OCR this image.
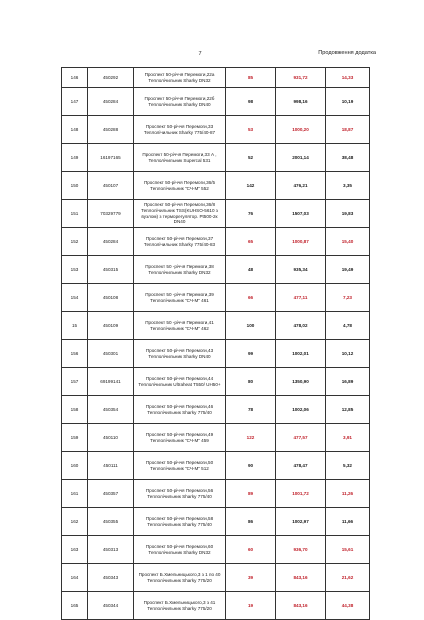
7	Продовження додатка
146	450292	Проспект 50-річчя Перемоги,22а Теплолічильник Sharky DN32	85	931,72	14,33
147	450284	Проспект 50-річчя Перемоги,22б Теплолічильник Sharky DN40	98	998,16	10,19
148	450288	Проспект 50-річчя Перемоги,33 Теплолічильник Sharky 775/40-87	53	1000,20	18,87
149	16197165	Проспект 50-річчя Перемоги,33 А , Теплолічильник Supercal 531	52	2001,14	38,48
150	450107	Проспект 50-річчя Перемоги,36/5 Теплолічильник "СЧ-М" 552	142	476,21	3,35
151	70329779	Проспект 50-річчя Перемоги,36/8 Теплолічильник TSS(KUHSO-5610 з вузлом) з терморегулятор. Pt500-2к DN40	76	1507,03	19,83
152	450284	Проспект 50-річчя Перемоги,37 Теплолічильник Sharky 775/40-83	65	1000,87	15,40
153	450315	Проспект 50 -річчя Перемоги,38 Теплолічильник Sharky DN32	48	935,34	19,49
154	450108	Проспект 50 -річчя Перемоги,39 Теплолічильник "СЧ-М" 461	66	477,11	7,23
15	450109	Проспект 50 -річчя Перемоги,41 Теплолічильник "СЧ-М" 462	100	478,02	4,78
156	450301	Проспект 50-річчя Перемоги,43 Теплолічильник Sharky DN40	99	1002,01	10,12
157	69199141	Проспект 50-річчя Перемоги,44 Теплолічильник Ultraheat T550/ UH50+	80	1350,90	16,89
158	450354	Проспект 50-річчя Перемоги,46 Теплолічильник Sharky 775/40	78	1002,06	12,85
159	450110	Проспект 50-річчя Перемоги,49 Теплолічильник "СЧ-М" 459	122	477,57	3,91
160	450111	Проспект 50-річчя Перемоги,50 Теплолічильник "СЧ-М" 512	90	478,47	5,32
161	450357	Проспект 50-річчя Перемоги,56 Теплолічильник Sharky 775/40	89	1001,72	11,26
162	450355	Проспект 50-річчя Перемоги,58 Теплолічильник Sharky 775/40	86	1002,97	11,66
163	450313	Проспект 50-річчя Перемоги,60 Теплолічильник Sharky DN32	60	936,70	15,61
164	450343	Проспект Б.Хмельницького,3 з 1 по 40 Теплолічильник Sharky 775/20	39	843,16	21,62
165	450344	Проспект Б.Хмельницького,3 з 41 Теплолічильник Sharky 775/20	19	843,16	44,38
